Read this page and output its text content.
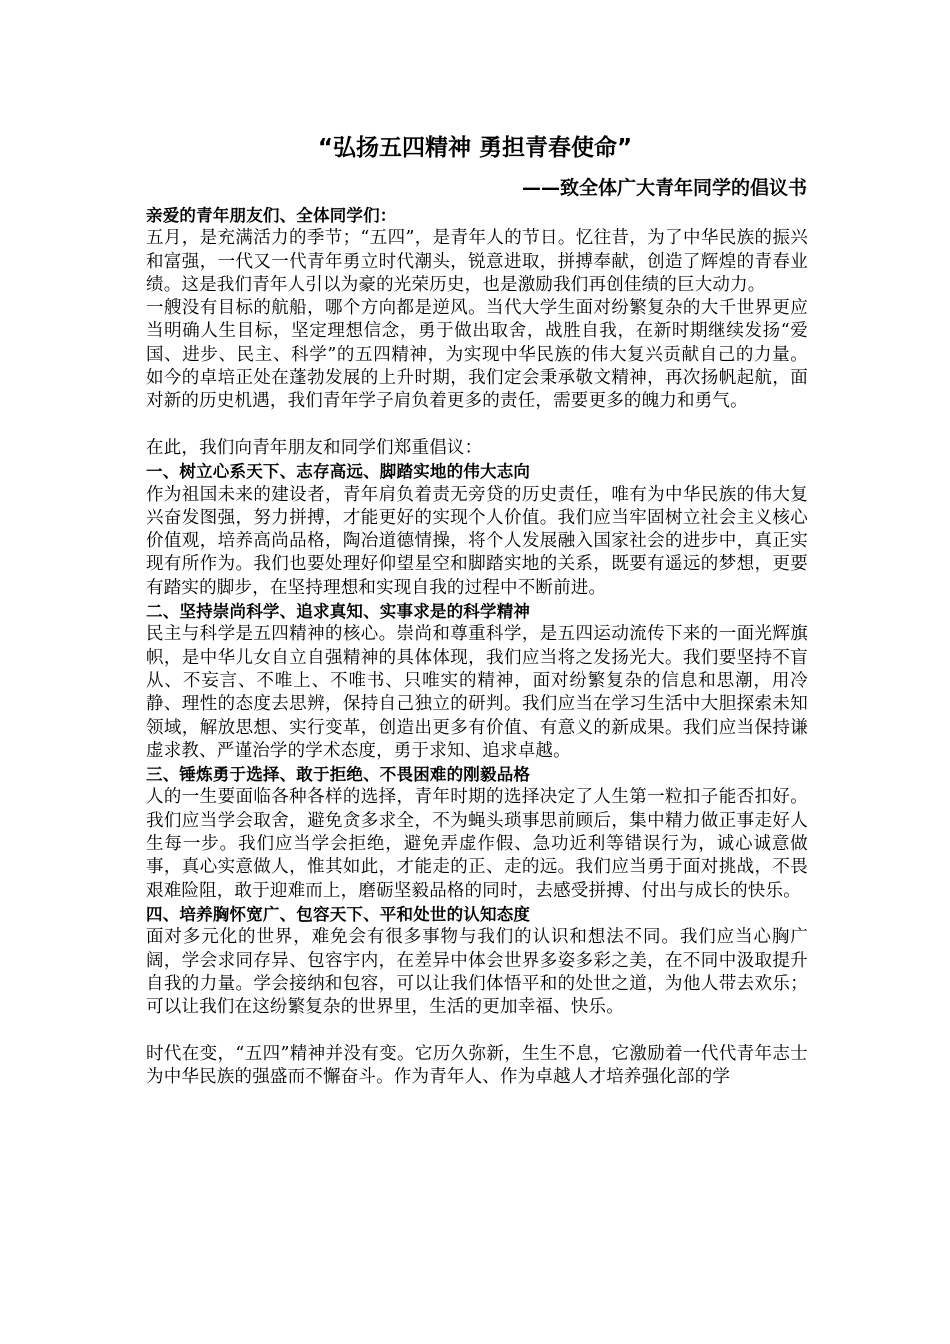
“弘扬五四精神 勇担青春使命”
——致全体广大青年同学的倡议书

亲爱的青年朋友们、全体同学们：

五月，是充满活力的季节；“五四”，是青年人的节日。忆往昔，为了中华民族的振兴和富强，一代又一代青年勇立时代潮头，锐意进取，拼搏奉献，创造了辉煌的青春业绩。这是我们青年人引以为豪的光荣历史，也是激励我们再创佳绩的巨大动力。

一艘没有目标的航船，哪个方向都是逆风。当代大学生面对纷繁复杂的大千世界更应当明确人生目标，坚定理想信念，勇于做出取舍，战胜自我，在新时期继续发扬“爱国、进步、民主、科学”的五四精神，为实现中华民族的伟大复兴贡献自己的力量。如今的卓培正处在蓬勃发展的上升时期，我们定会秉承敬文精神，再次扬帆起航，面对新的历史机遇，我们青年学子肩负着更多的责任，需要更多的魄力和勇气。

在此，我们向青年朋友和同学们郑重倡议：

一、树立心系天下、志存高远、脚踏实地的伟大志向

作为祖国未来的建设者，青年肩负着责无旁贷的历史责任，唯有为中华民族的伟大复兴奋发图强，努力拼搏，才能更好的实现个人价值。我们应当牢固树立社会主义核心价值观，培养高尚品格，陶冶道德情操，将个人发展融入国家社会的进步中，真正实现有所作为。我们也要处理好仰望星空和脚踏实地的关系，既要有遥远的梦想，更要有踏实的脚步，在坚持理想和实现自我的过程中不断前进。

二、坚持崇尚科学、追求真知、实事求是的科学精神

民主与科学是五四精神的核心。崇尚和尊重科学，是五四运动流传下来的一面光辉旗帜，是中华儿女自立自强精神的具体体现，我们应当将之发扬光大。我们要坚持不盲从、不妄言、不唯上、不唯书、只唯实的精神，面对纷繁复杂的信息和思潮，用冷静、理性的态度去思辨，保持自己独立的研判。我们应当在学习生活中大胆探索未知领域，解放思想、实行变革，创造出更多有价值、有意义的新成果。我们应当保持谦虚求教、严谨治学的学术态度，勇于求知、追求卓越。

三、锤炼勇于选择、敢于拒绝、不畏困难的刚毅品格

人的一生要面临各种各样的选择，青年时期的选择决定了人生第一粒扣子能否扣好。我们应当学会取舍，避免贪多求全，不为蝇头琐事思前顾后，集中精力做正事走好人生每一步。我们应当学会拒绝，避免弄虚作假、急功近利等错误行为，诚心诚意做事，真心实意做人，惟其如此，才能走的正、走的远。我们应当勇于面对挑战，不畏艰难险阻，敢于迎难而上，磨砺坚毅品格的同时，去感受拼搏、付出与成长的快乐。

四、培养胸怀宽广、包容天下、平和处世的认知态度

面对多元化的世界，难免会有很多事物与我们的认识和想法不同。我们应当心胸广阔，学会求同存异、包容宇内，在差异中体会世界多姿多彩之美，在不同中汲取提升自我的力量。学会接纳和包容，可以让我们体悟平和的处世之道，为他人带去欢乐；可以让我们在这纷繁复杂的世界里，生活的更加幸福、快乐。

时代在变，“五四”精神并没有变。它历久弥新，生生不息，它激励着一代代青年志士为中华民族的强盛而不懈奋斗。作为青年人、作为卓越人才培养强化部的学
